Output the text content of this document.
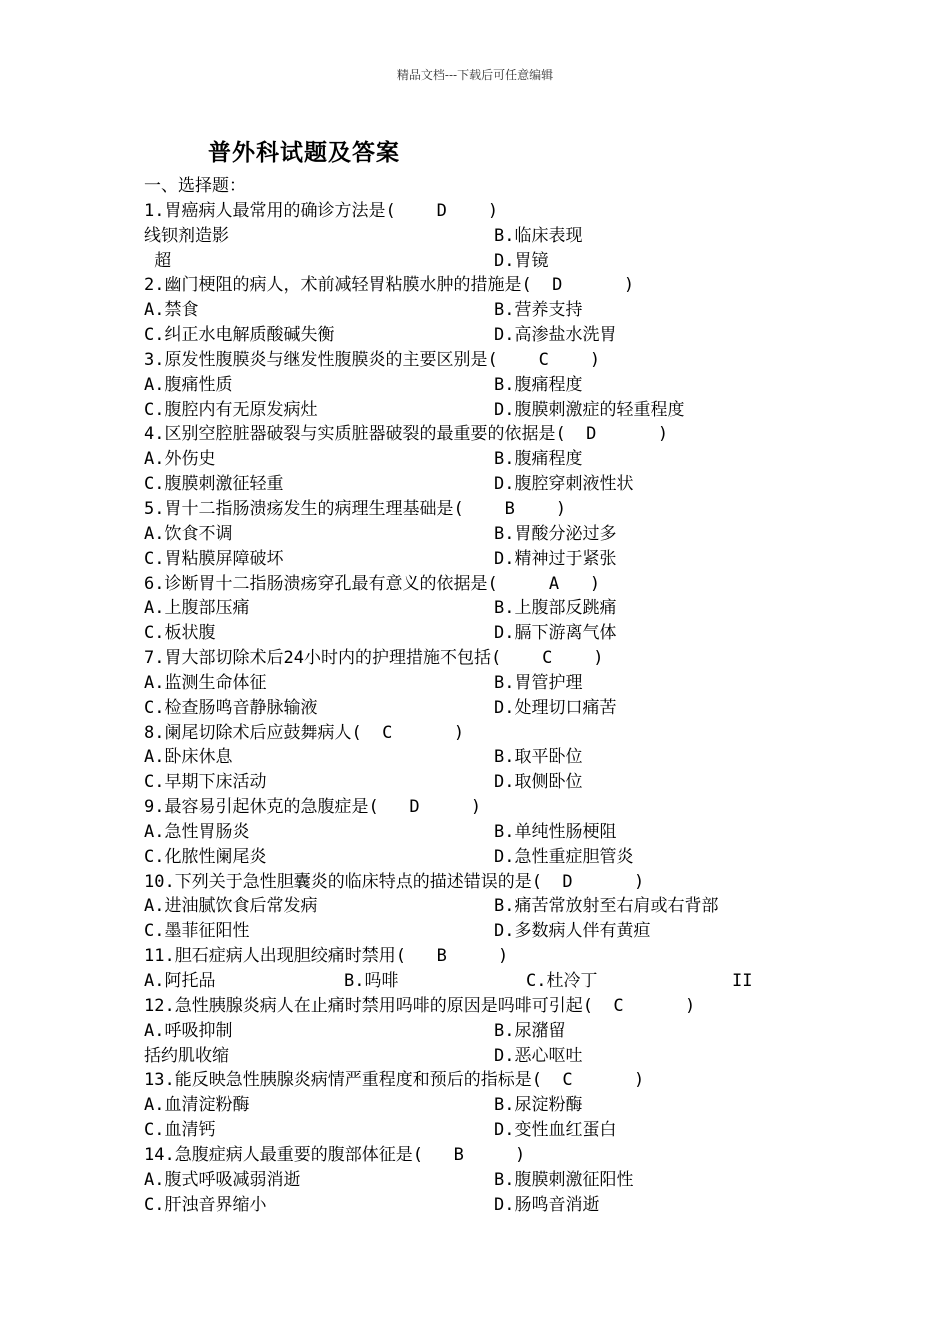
精品文档---下载后可任意编辑
普外科试题及答案
一、选择题：
1.胃癌病人最常用的确诊方法是(    D    )
线钡剂造影	B.临床表现
超	D.胃镜
2.幽门梗阻的病人，术前减轻胃粘膜水肿的措施是(  D      )
A.禁食	B.营养支持
C.纠正水电解质酸碱失衡	D.高渗盐水洗胃
3.原发性腹膜炎与继发性腹膜炎的主要区别是(    C    )
A.腹痛性质	B.腹痛程度
C.腹腔内有无原发病灶	D.腹膜刺激症的轻重程度
4.区别空腔脏器破裂与实质脏器破裂的最重要的依据是(  D      )
A.外伤史	B.腹痛程度
C.腹膜刺激征轻重	D.腹腔穿刺液性状
5.胃十二指肠溃疡发生的病理生理基础是(    B    )
A.饮食不调	B.胃酸分泌过多
C.胃粘膜屏障破坏	D.精神过于紧张
6.诊断胃十二指肠溃疡穿孔最有意义的依据是(     A   )
A.上腹部压痛	B.上腹部反跳痛
C.板状腹	D.膈下游离气体
7.胃大部切除术后24小时内的护理措施不包括(    C    )
A.监测生命体征	B.胃管护理
C.检查肠鸣音静脉输液	D.处理切口痛苦
8.阑尾切除术后应鼓舞病人(  C      )
A.卧床休息	B.取平卧位
C.早期下床活动	D.取侧卧位
9.最容易引起休克的急腹症是(   D     )
A.急性胃肠炎	B.单纯性肠梗阻
C.化脓性阑尾炎	D.急性重症胆管炎
10.下列关于急性胆囊炎的临床特点的描述错误的是(  D      )
A.进油腻饮食后常发病	B.痛苦常放射至右肩或右背部
C.墨菲征阳性	D.多数病人伴有黄疸
11.胆石症病人出现胆绞痛时禁用(   B     )
A.阿托品	B.吗啡	C.杜冷丁	II
12.急性胰腺炎病人在止痛时禁用吗啡的原因是吗啡可引起(  C      )
A.呼吸抑制	B.尿潴留
括约肌收缩	D.恶心呕吐
13.能反映急性胰腺炎病情严重程度和预后的指标是(  C      )
A.血清淀粉酶	B.尿淀粉酶
C.血清钙	D.变性血红蛋白
14.急腹症病人最重要的腹部体征是(   B     )
A.腹式呼吸减弱消逝	B.腹膜刺激征阳性
C.肝浊音界缩小	D.肠鸣音消逝
